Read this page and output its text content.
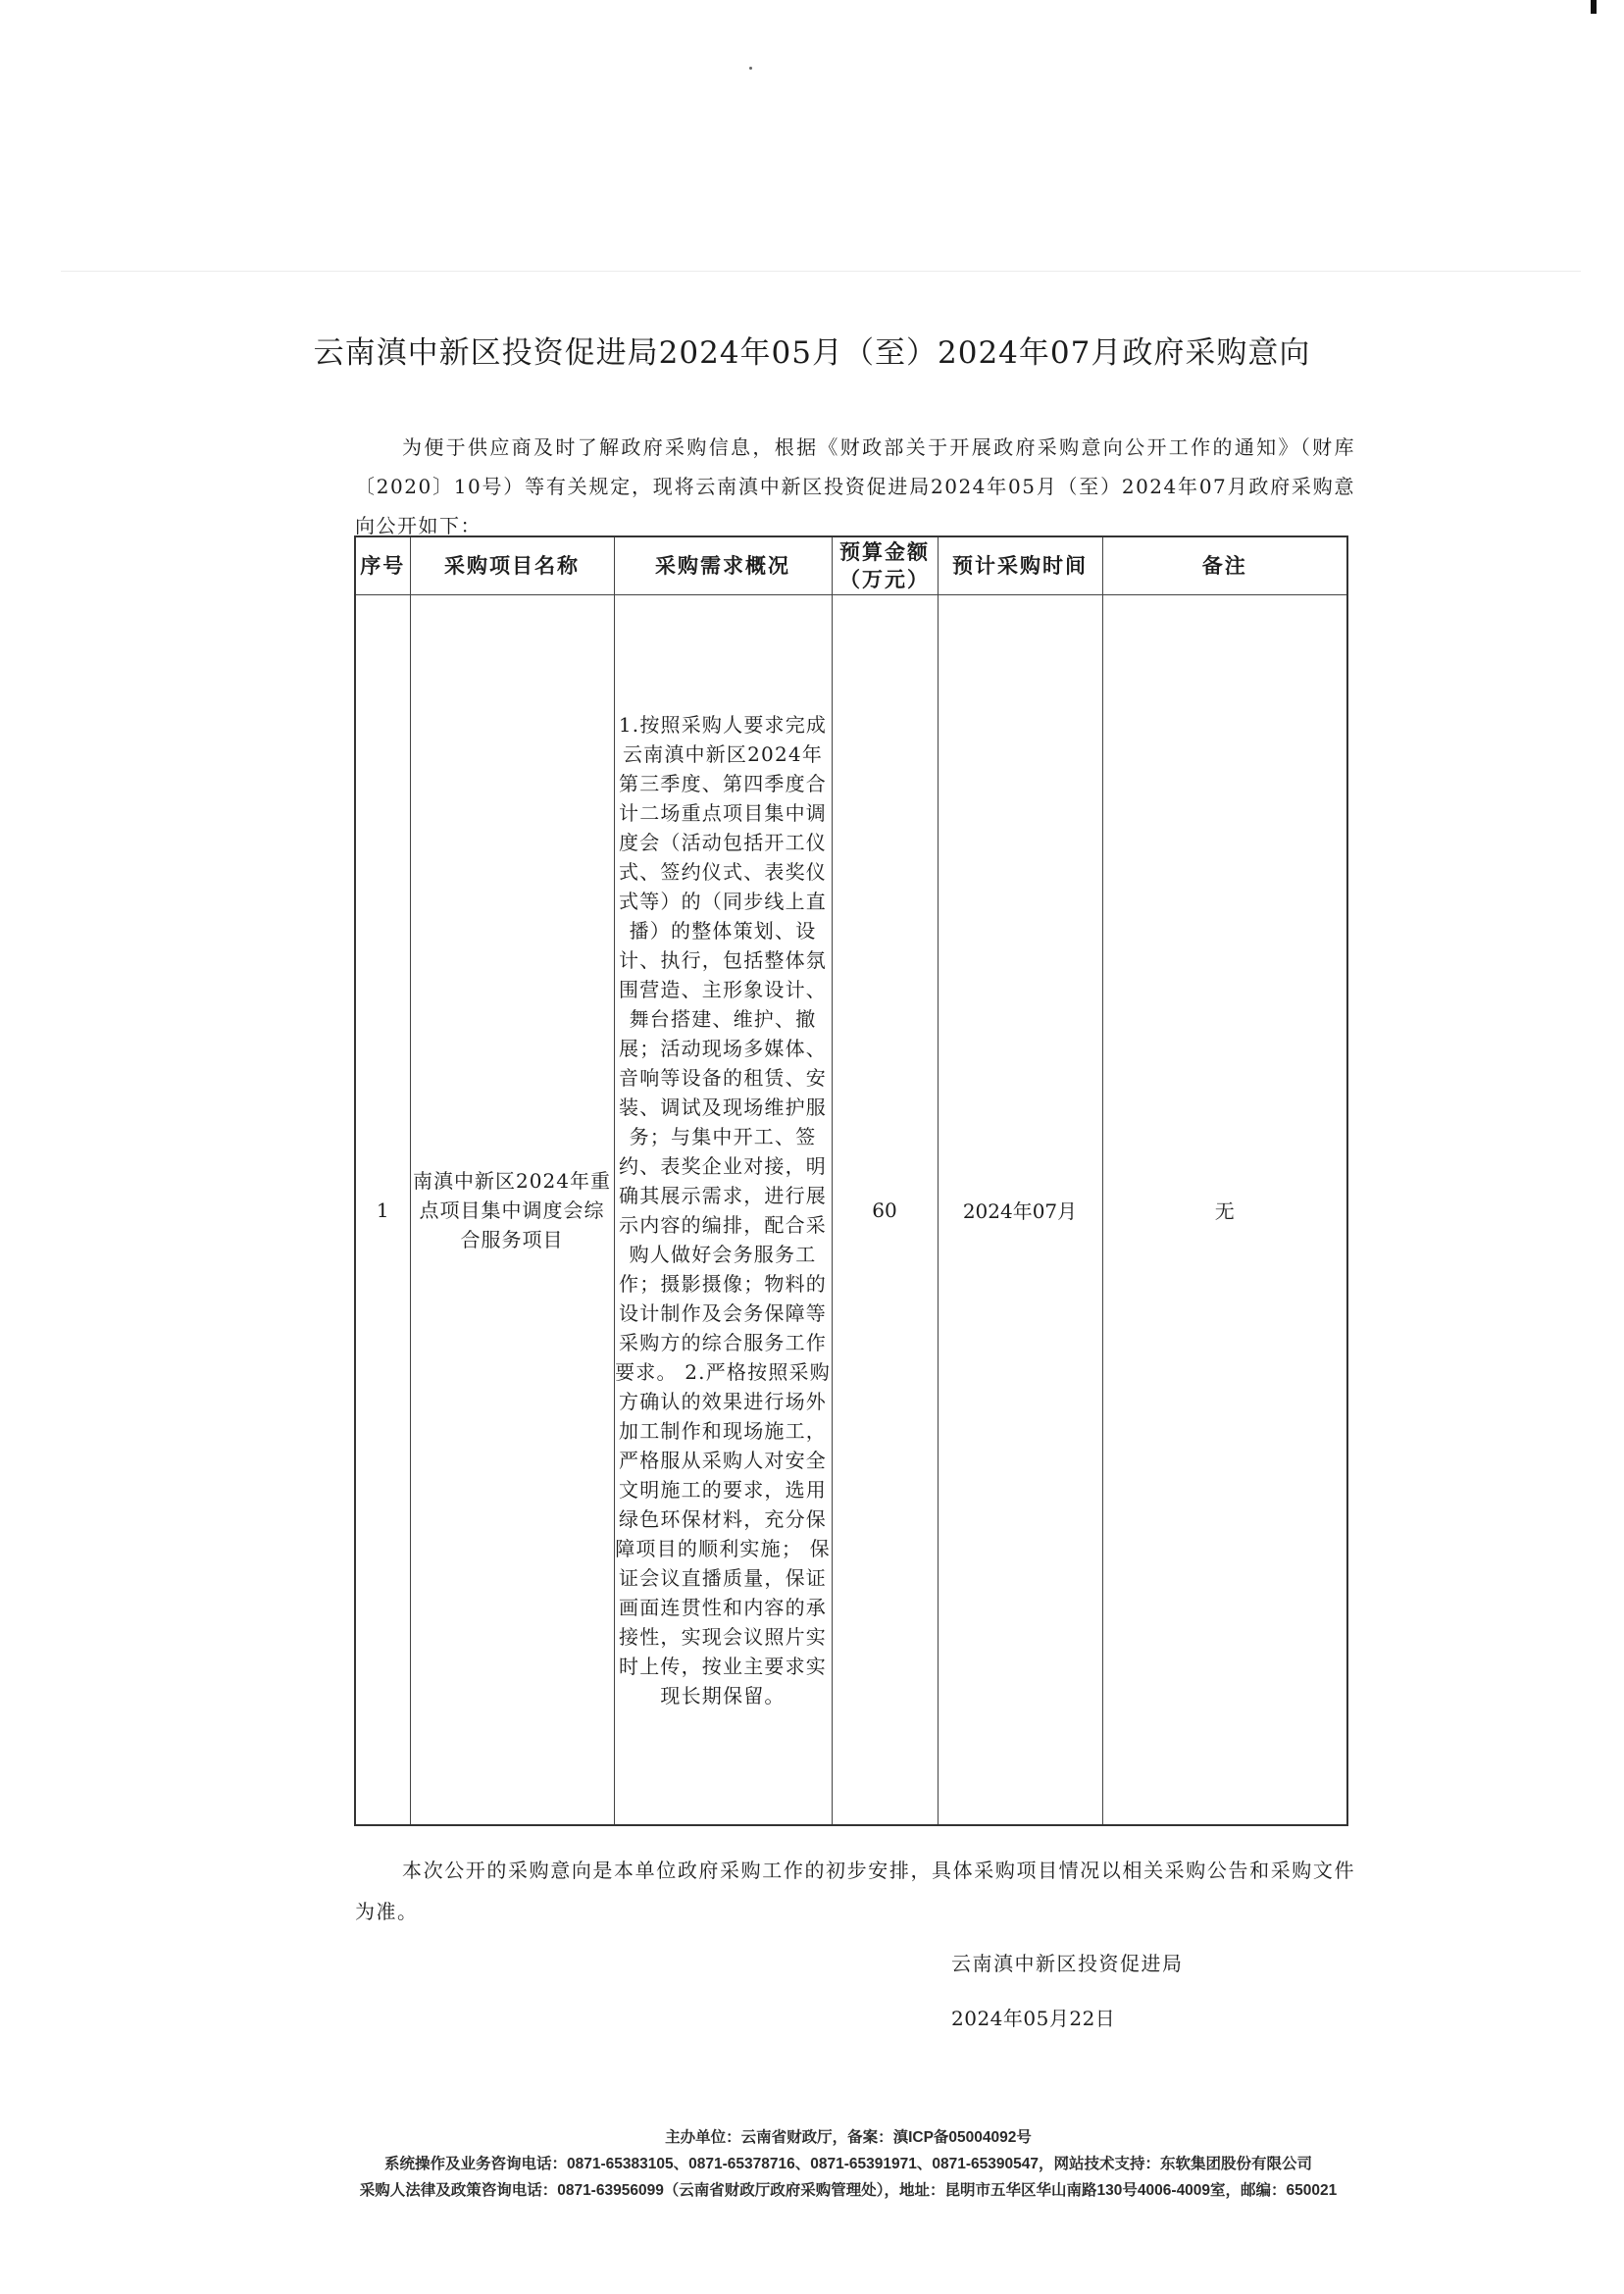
云南滇中新区投资促进局2024年05月（至）2024年07月政府采购意向

为便于供应商及时了解政府采购信息，根据《财政部关于开展政府采购意向公开工作的通知》（财库〔2020〕10号）等有关规定，现将云南滇中新区投资促进局2024年05月（至）2024年07月政府采购意向公开如下：

序号	采购项目名称	采购需求概况	预算金额（万元）	预计采购时间	备注
1	南滇中新区2024年重点项目集中调度会综合服务项目	1.按照采购人要求完成云南滇中新区2024年第三季度、第四季度合计二场重点项目集中调度会（活动包括开工仪式、签约仪式、表奖仪式等）的（同步线上直播）的整体策划、设计、执行，包括整体氛围营造、主形象设计、舞台搭建、维护、撤展；活动现场多媒体、音响等设备的租赁、安装、调试及现场维护服务；与集中开工、签约、表奖企业对接，明确其展示需求，进行展示内容的编排，配合采购人做好会务服务工作；摄影摄像；物料的设计制作及会务保障等采购方的综合服务工作要求。 2.严格按照采购方确认的效果进行场外加工制作和现场施工，严格服从采购人对安全文明施工的要求，选用绿色环保材料，充分保障项目的顺利实施； 保证会议直播质量，保证画面连贯性和内容的承接性，实现会议照片实时上传，按业主要求实现长期保留。	60	2024年07月	无

本次公开的采购意向是本单位政府采购工作的初步安排，具体采购项目情况以相关采购公告和采购文件为准。

云南滇中新区投资促进局
2024年05月22日
主办单位：云南省财政厅，备案：滇ICP备05004092号
系统操作及业务咨询电话：0871-65383105、0871-65378716、0871-65391971、0871-65390547，网站技术支持：东软集团股份有限公司
采购人法律及政策咨询电话：0871-63956099（云南省财政厅政府采购管理处），地址：昆明市五华区华山南路130号4006-4009室，邮编：650021
